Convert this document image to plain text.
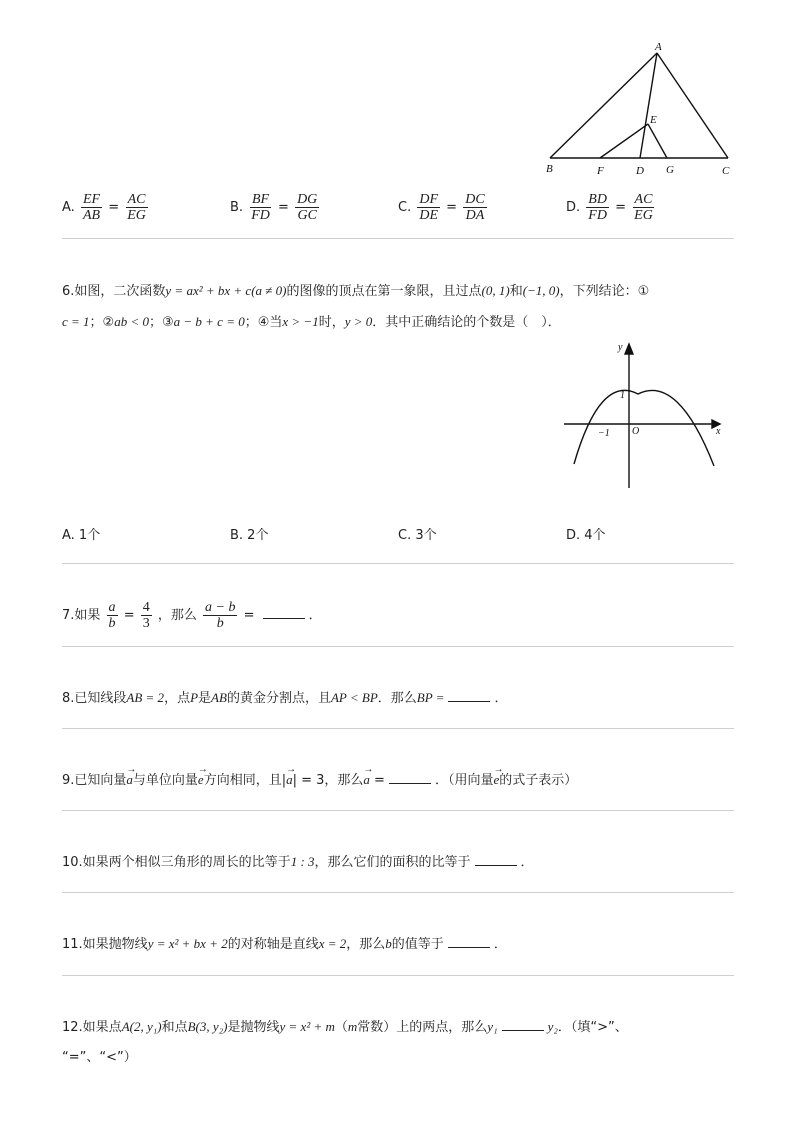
A
E
B	F	D G	C
A. $\frac{EF}{AB} = \frac{AC}{EG}$	B. $\frac{BF}{FD} = \frac{DG}{GC}$	C. $\frac{DF}{DE} = \frac{DC}{DA}$	D. $\frac{BD}{FD} = \frac{AC}{EG}$
6.如图，二次函数y = ax² + bx + c(a ≠ 0)的图像的顶点在第一象限，且过点(0, 1)和(−1, 0)，下列结论：①
c = 1；②ab < 0；③a − b + c = 0；④当x > −1时，y > 0．其中正确结论的个数是（　）．
y
x
1
−1 O
A. 1个	B. 2个	C. 3个	D. 4个
7.如果 $\frac{a}{b} = \frac{4}{3}$ ，那么 $\frac{a - b}{b}$ =	．
8.已知线段AB = 2，点P是AB的黄金分割点，且AP < BP．那么BP =	．
9.已知向量→ a与单位向量→ e方向相同，且|→ a| = 3，那么→ a =	．（用向量→ e的式子表示）
10.如果两个相似三角形的周长的比等于1 : 3，那么它们的面积的比等于	．
11.如果抛物线y = x² + bx + 2的对称轴是直线x = 2，那么b的值等于	．
12.如果点A(2, y₁)和点B(3, y₂)是抛物线y = x² + m（m常数）上的两点，那么y₁	y₂．（填“>”、
“=”、“<”）
